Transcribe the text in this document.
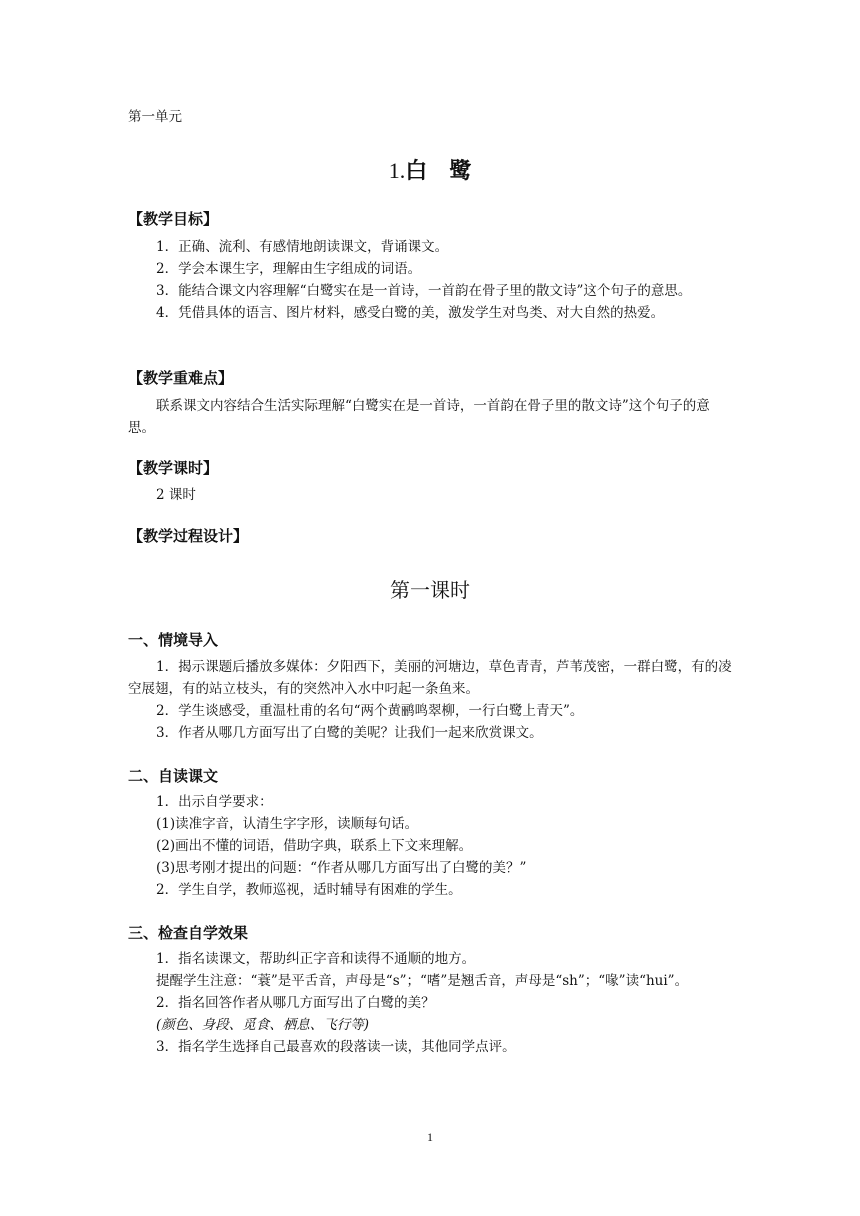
第一单元
1.白　鹭
【教学目标】
1．正确、流利、有感情地朗读课文，背诵课文。
2．学会本课生字，理解由生字组成的词语。
3．能结合课文内容理解“白鹭实在是一首诗，一首韵在骨子里的散文诗”这个句子的意思。
4．凭借具体的语言、图片材料，感受白鹭的美，激发学生对鸟类、对大自然的热爱。
【教学重难点】
联系课文内容结合生活实际理解“白鹭实在是一首诗，一首韵在骨子里的散文诗”这个句子的意思。
【教学课时】
2 课时
【教学过程设计】
第一课时
一、情境导入
1．揭示课题后播放多媒体：夕阳西下，美丽的河塘边，草色青青，芦苇茂密，一群白鹭，有的凌空展翅，有的站立枝头，有的突然冲入水中叼起一条鱼来。
2．学生谈感受，重温杜甫的名句“两个黄鹂鸣翠柳，一行白鹭上青天”。
3．作者从哪几方面写出了白鹭的美呢？让我们一起来欣赏课文。
二、自读课文
1．出示自学要求：
(1)读准字音，认清生字字形，读顺每句话。
(2)画出不懂的词语，借助字典，联系上下文来理解。
(3)思考刚才提出的问题：“作者从哪几方面写出了白鹭的美？”
2．学生自学，教师巡视，适时辅导有困难的学生。
三、检查自学效果
1．指名读课文，帮助纠正字音和读得不通顺的地方。
提醒学生注意：“蓑”是平舌音，声母是“s”；“嗜”是翘舌音，声母是“sh”；“喙”读“hui”。
2．指名回答作者从哪几方面写出了白鹭的美？
(颜色、身段、觅食、栖息、飞行等)
3．指名学生选择自己最喜欢的段落读一读，其他同学点评。
1
